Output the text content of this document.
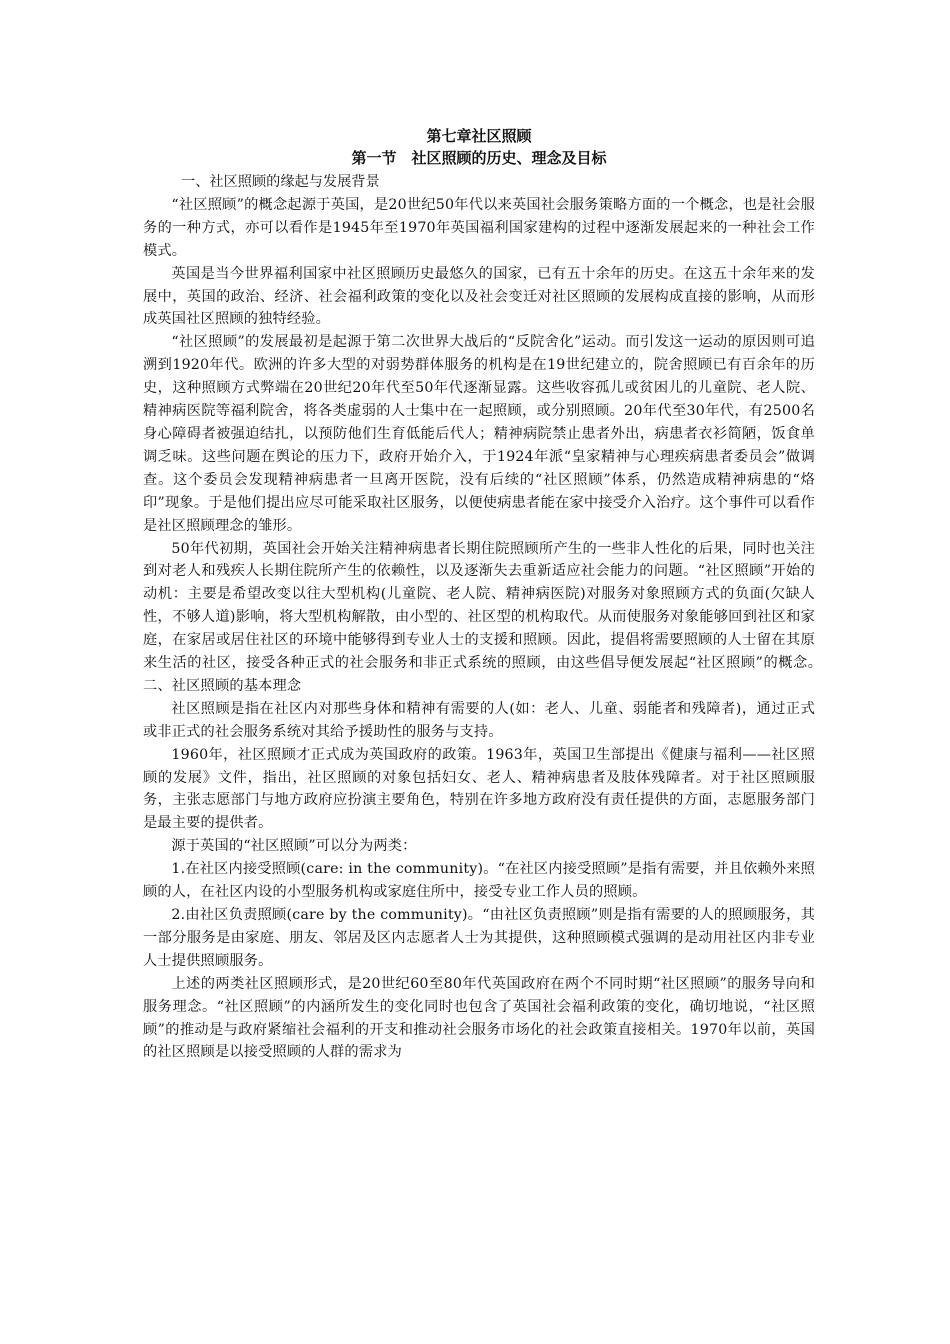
第七章社区照顾

第一节　社区照顾的历史、理念及目标

一、社区照顾的缘起与发展背景

“社区照顾”的概念起源于英国，是20世纪50年代以来英国社会服务策略方面的一个概念，也是社会服务的一种方式，亦可以看作是1945年至1970年英国福利国家建构的过程中逐渐发展起来的一种社会工作模式。

英国是当今世界福利国家中社区照顾历史最悠久的国家，已有五十余年的历史。在这五十余年来的发展中，英国的政治、经济、社会福利政策的变化以及社会变迁对社区照顾的发展构成直接的影响，从而形成英国社区照顾的独特经验。

“社区照顾”的发展最初是起源于第二次世界大战后的“反院舍化”运动。而引发这一运动的原因则可追溯到1920年代。欧洲的许多大型的对弱势群体服务的机构是在19世纪建立的，院舍照顾已有百余年的历史，这种照顾方式弊端在20世纪20年代至50年代逐渐显露。这些收容孤儿或贫困儿的儿童院、老人院、精神病医院等福利院舍，将各类虚弱的人士集中在一起照顾，或分别照顾。20年代至30年代，有2500名身心障碍者被强迫结扎，以预防他们生育低能后代人；精神病院禁止患者外出，病患者衣衫简陋，饭食单调乏味。这些问题在舆论的压力下，政府开始介入，于1924年派“皇家精神与心理疾病患者委员会”做调查。这个委员会发现精神病患者一旦离开医院，没有后续的“社区照顾”体系，仍然造成精神病患的“烙印”现象。于是他们提出应尽可能采取社区服务，以便使病患者能在家中接受介入治疗。这个事件可以看作是社区照顾理念的雏形。

50年代初期，英国社会开始关注精神病患者长期住院照顾所产生的一些非人性化的后果，同时也关注到对老人和残疾人长期住院所产生的依赖性，以及逐渐失去重新适应社会能力的问题。“社区照顾”开始的动机：主要是希望改变以往大型机构(儿童院、老人院、精神病医院)对服务对象照顾方式的负面(欠缺人性，不够人道)影响，将大型机构解散，由小型的、社区型的机构取代。从而使服务对象能够回到社区和家庭，在家居或居住社区的环境中能够得到专业人士的支援和照顾。因此，提倡将需要照顾的人士留在其原来生活的社区，接受各种正式的社会服务和非正式系统的照顾，由这些倡导便发展起“社区照顾”的概念。　　二、社区照顾的基本理念

社区照顾是指在社区内对那些身体和精神有需要的人(如：老人、儿童、弱能者和残障者)，通过正式或非正式的社会服务系统对其给予援助性的服务与支持。

1960年，社区照顾才正式成为英国政府的政策。1963年，英国卫生部提出《健康与福利——社区照顾的发展》文件，指出，社区照顾的对象包括妇女、老人、精神病患者及肢体残障者。对于社区照顾服务，主张志愿部门与地方政府应扮演主要角色，特别在许多地方政府没有责任提供的方面，志愿服务部门是最主要的提供者。

源于英国的“社区照顾”可以分为两类：

1.在社区内接受照顾(care: in the community)。“在社区内接受照顾”是指有需要，并且依赖外来照顾的人，在社区内设的小型服务机构或家庭住所中，接受专业工作人员的照顾。

2.由社区负责照顾(care by the community)。“由社区负责照顾”则是指有需要的人的照顾服务，其一部分服务是由家庭、朋友、邻居及区内志愿者人士为其提供，这种照顾模式强调的是动用社区内非专业人士提供照顾服务。

上述的两类社区照顾形式，是20世纪60至80年代英国政府在两个不同时期“社区照顾”的服务导向和服务理念。“社区照顾”的内涵所发生的变化同时也包含了英国社会福利政策的变化，确切地说，“社区照顾”的推动是与政府紧缩社会福利的开支和推动社会服务市场化的社会政策直接相关。1970年以前，英国的社区照顾是以接受照顾的人群的需求为
